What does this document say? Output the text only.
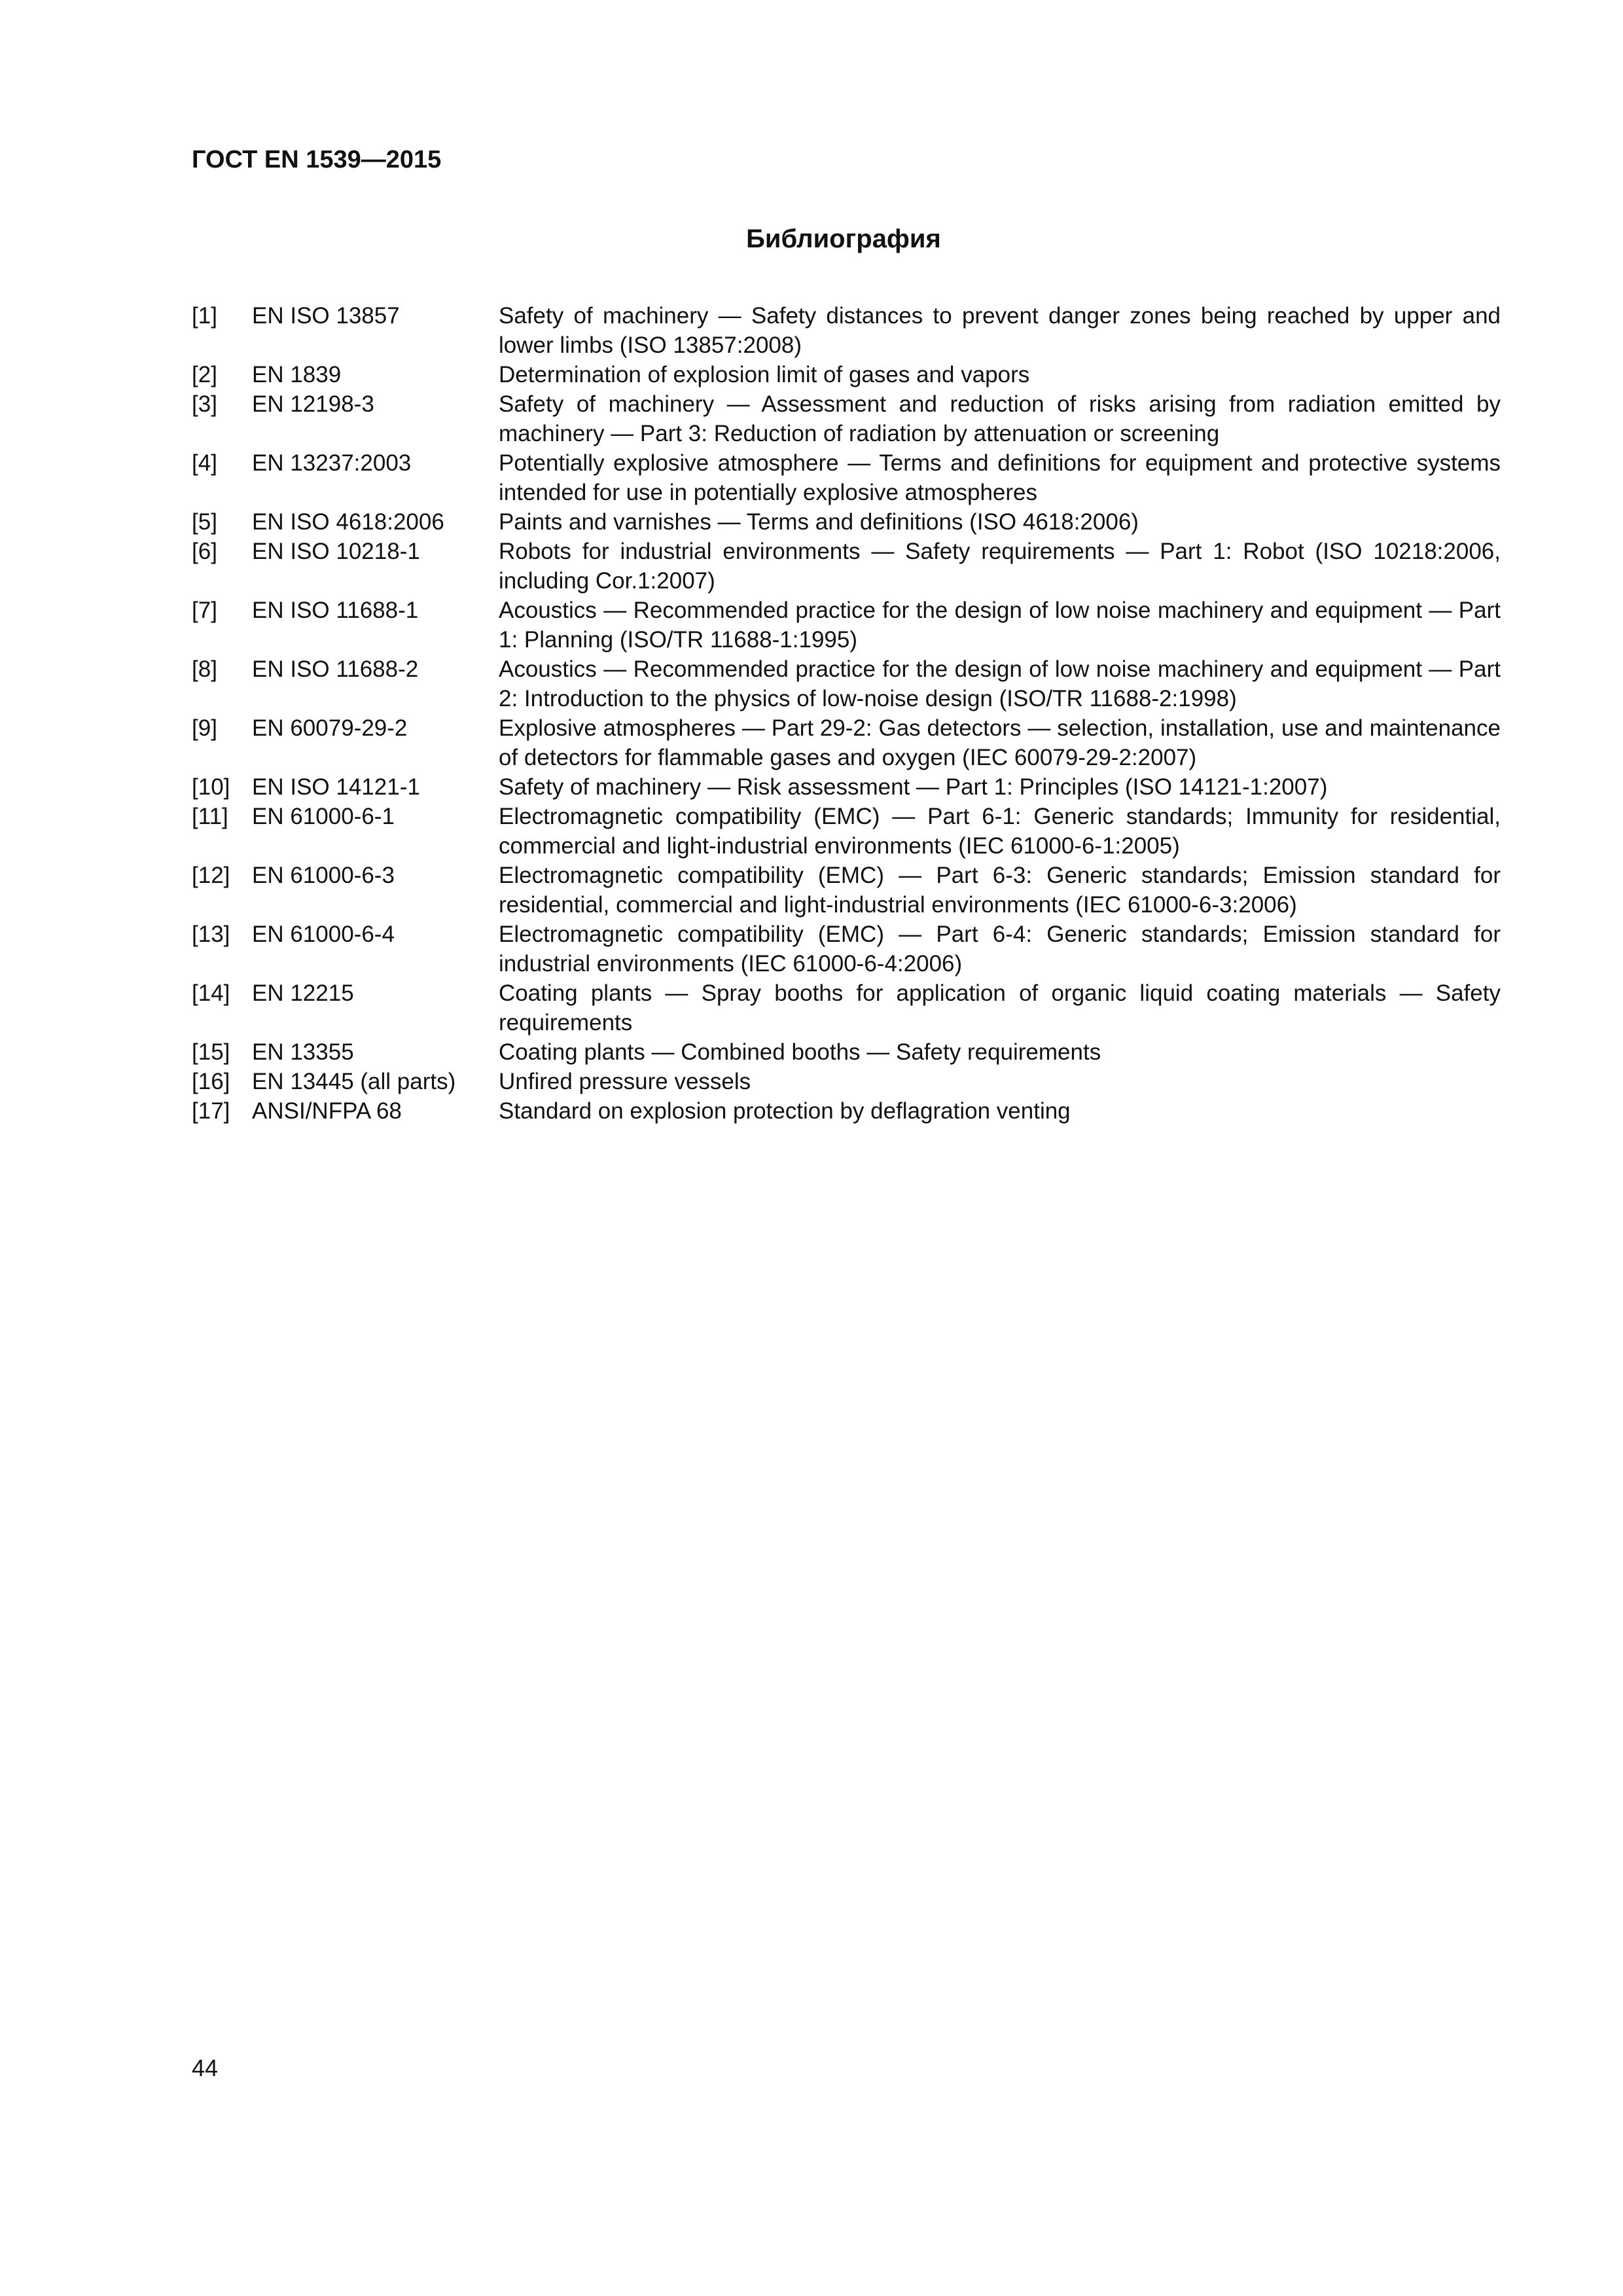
ГОСТ EN 1539—2015
Библиография
[1]	EN ISO 13857	Safety of machinery — Safety distances to prevent danger zones being reached by upper and lower limbs (ISO 13857:2008)
[2]	EN 1839	Determination of explosion limit of gases and vapors
[3]	EN 12198-3	Safety of machinery — Assessment and reduction of risks arising from radiation emitted by machinery — Part 3: Reduction of radiation by attenuation or screening
[4]	EN 13237:2003	Potentially explosive atmosphere — Terms and definitions for equipment and protective systems intended for use in potentially explosive atmospheres
[5]	EN ISO 4618:2006	Paints and varnishes — Terms and definitions (ISO 4618:2006)
[6]	EN ISO 10218-1	Robots for industrial environments — Safety requirements — Part 1: Robot (ISO 10218:2006, including Cor.1:2007)
[7]	EN ISO 11688-1	Acoustics — Recommended practice for the design of low noise machinery and equipment — Part 1: Planning (ISO/TR 11688-1:1995)
[8]	EN ISO 11688-2	Acoustics — Recommended practice for the design of low noise machinery and equipment — Part 2: Introduction to the physics of low-noise design (ISO/TR 11688-2:1998)
[9]	EN 60079-29-2	Explosive atmospheres — Part 29-2: Gas detectors — selection, installation, use and maintenance of detectors for flammable gases and oxygen (IEC 60079-29-2:2007)
[10] EN ISO 14121-1	Safety of machinery — Risk assessment — Part 1: Principles (ISO 14121-1:2007)
[11]	EN 61000-6-1	Electromagnetic compatibility (EMC) — Part 6-1: Generic standards; Immunity for residential, commercial and light-industrial environments (IEC 61000-6-1:2005)
[12] EN 61000-6-3	Electromagnetic compatibility (EMC) — Part 6-3: Generic standards; Emission standard for residential, commercial and light-industrial environments (IEC 61000-6-3:2006)
[13] EN 61000-6-4	Electromagnetic compatibility (EMC) — Part 6-4: Generic standards; Emission standard for industrial environments (IEC 61000-6-4:2006)
[14] EN 12215	Coating plants — Spray booths for application of organic liquid coating materials — Safety requirements
[15] EN 13355	Coating plants — Combined booths — Safety requirements
[16] EN 13445 (all parts)	Unfired pressure vessels
[17] ANSI/NFPA 68	Standard on explosion protection by deflagration venting
44
